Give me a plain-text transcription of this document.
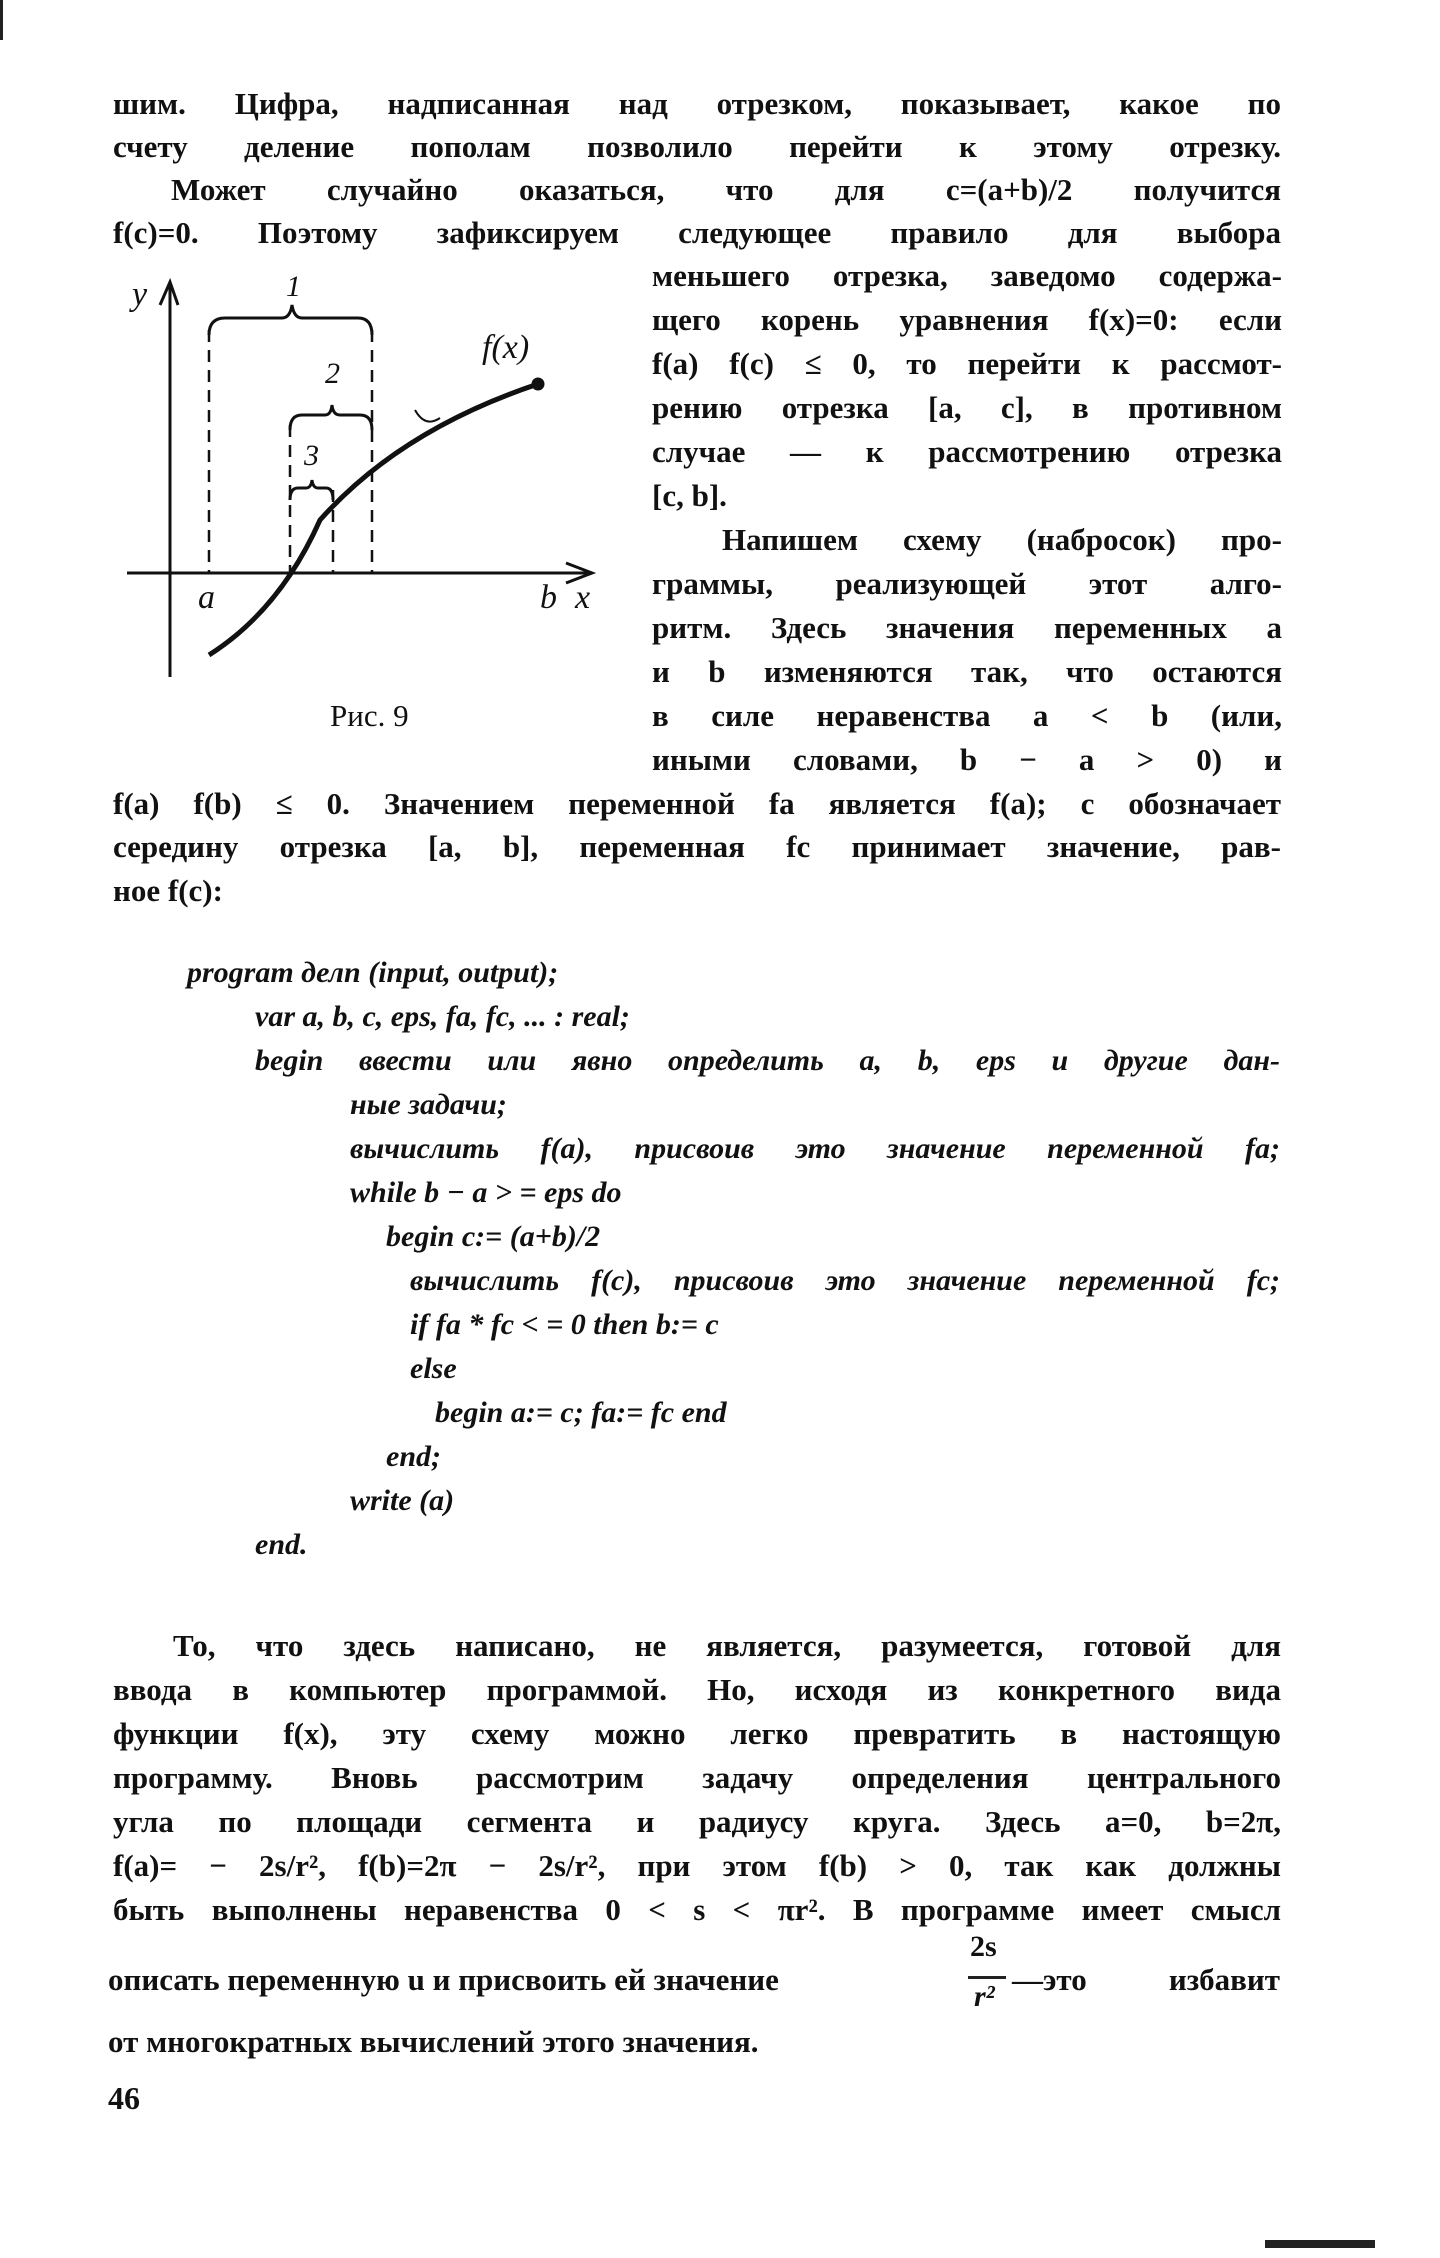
шим. Цифра, надписанная над отрезком, показывает, какое по
счету деление пополам позволило перейти к этому отрезку.
Может случайно оказаться, что для c=(a+b)/2 получится
f(c)=0. Поэтому зафиксируем следующее правило для выбора
меньшего отрезка, заведомо содержа-
щего корень уравнения f(x)=0: если
f(a) f(c) ≤ 0, то перейти к рассмот-
рению отрезка [a, c], в противном
случае — к рассмотрению отрезка
[c, b].
Напишем схему (набросок) про-
граммы, реализующей этот алго-
ритм. Здесь значения переменных a
и b изменяются так, что остаются
в силе неравенства a < b (или,
иными словами, b − a > 0) и
y
x
a	b
f(x)
1
2
3
Рис. 9
f(a) f(b) ≤ 0. Значением переменной fa является f(a); c обозначает
середину отрезка [a, b], переменная fc принимает значение, рав-
ное f(c):
program делп (input, output);
var a, b, c, eps, fa, fc, ... : real;
begin ввести или явно определить a, b, eps и другие дан-
ные задачи;
вычислить f(a), присвоив это значение переменной fa;
while b − a > = eps do
begin c:= (a+b)/2
вычислить f(c), присвоив это значение переменной fc;
if fa * fc < = 0 then b:= c
else
begin a:= c; fa:= fc end
end;
write (a)
end.
То, что здесь написано, не является, разумеется, готовой для
ввода в компьютер программой. Но, исходя из конкретного вида
функции f(x), эту схему можно легко превратить в настоящую
программу. Вновь рассмотрим задачу определения центрального
угла по площади сегмента и радиусу круга. Здесь a=0, b=2π,
f(a)= − 2s/r², f(b)=2π − 2s/r², при этом f(b) > 0, так как должны
быть выполнены неравенства 0 < s < πr². В программе имеет смысл
описать переменную u и присвоить ей значение
2s
r² —это избавит
от многократных вычислений этого значения.
46
